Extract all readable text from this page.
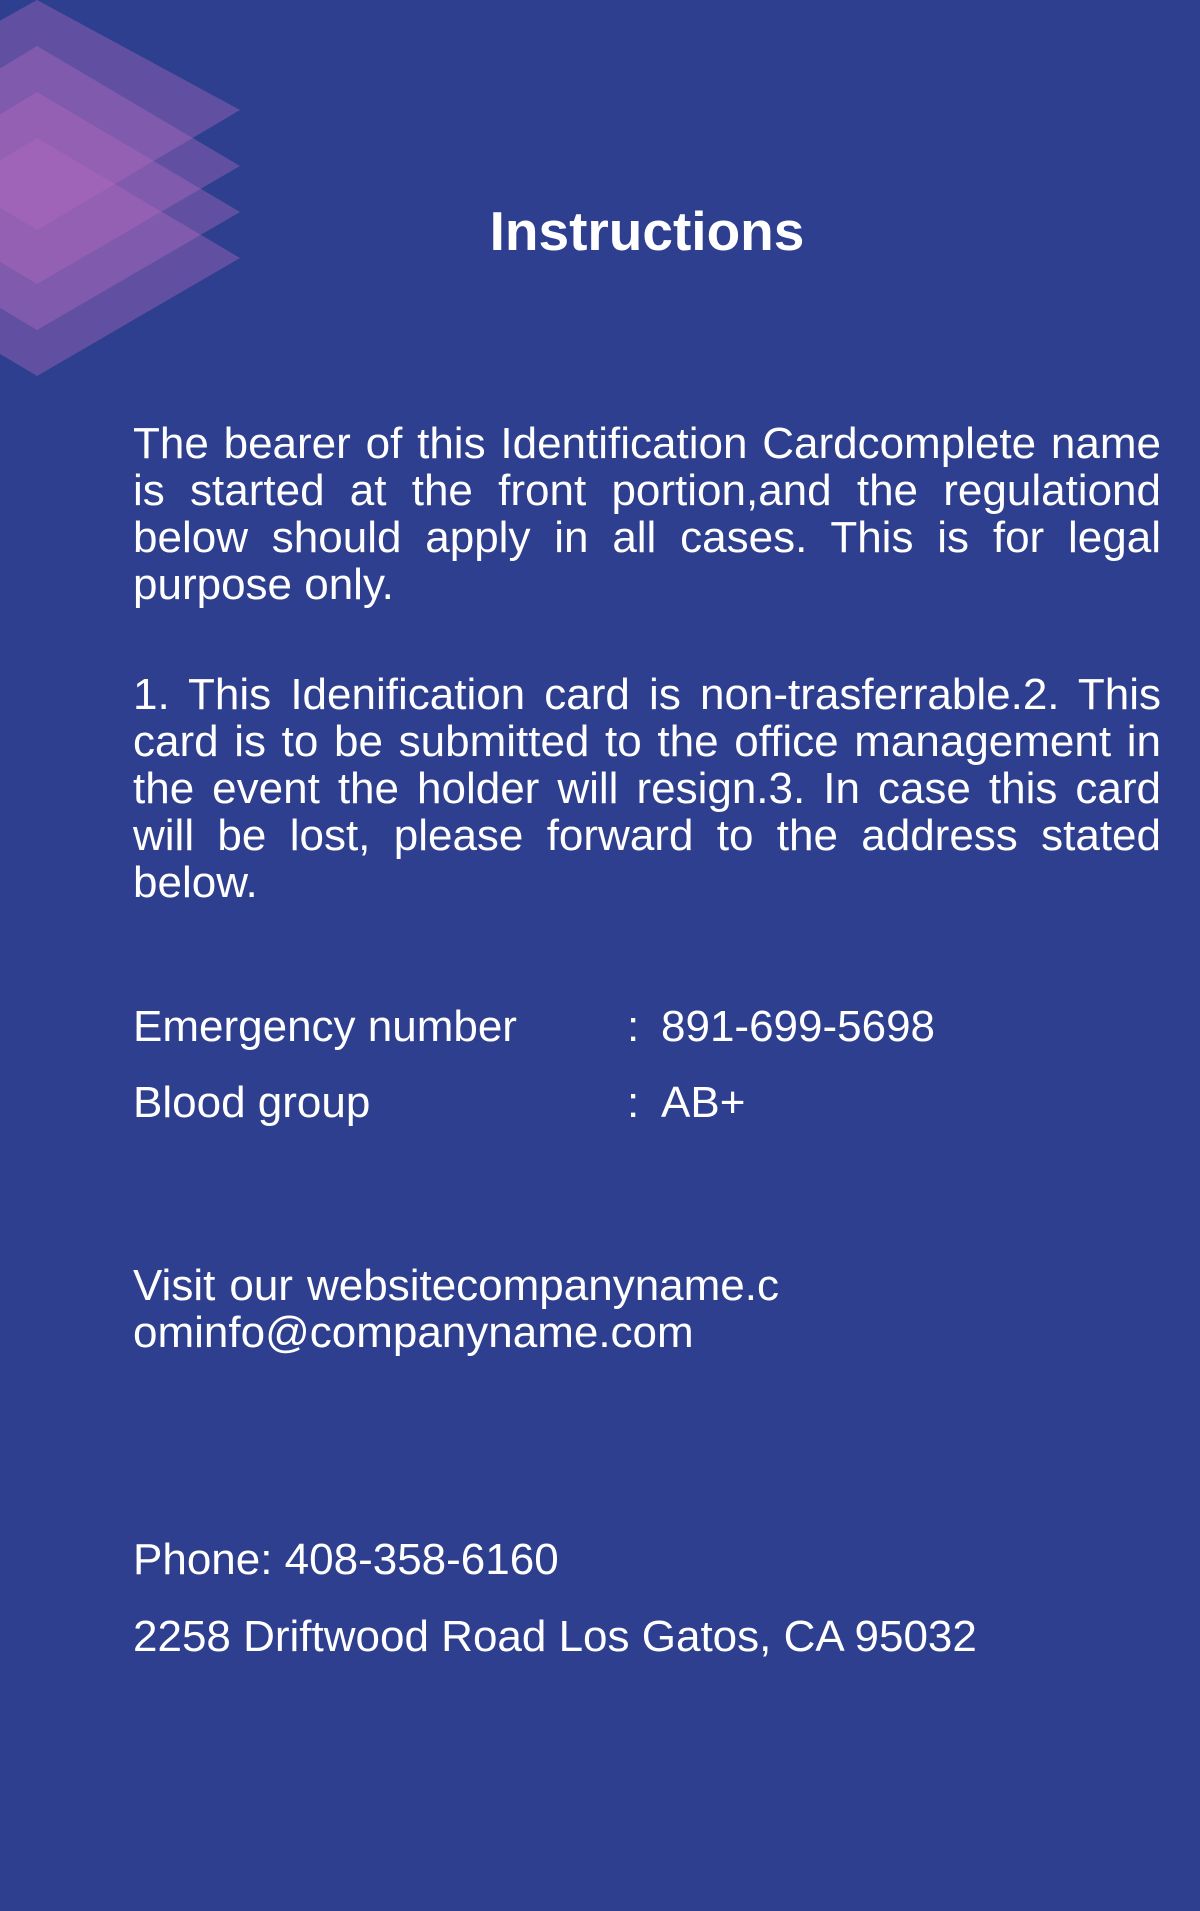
Instructions

The bearer of this Identification Cardcomplete name is started at the front portion,and the regulationd below should apply in all cases. This is for legal purpose only.

1. This Idenification card is non-trasferrable.2. This card is to be submitted to the office management in the event the holder will resign.3. In case this card will be lost, please forward to the address stated below.

Emergency number	: 891-699-5698
Blood group	: AB+

Visit our websitecompanyname.cominfo@companyname.com

Phone: 408-358-6160

2258 Driftwood Road Los Gatos, CA 95032
